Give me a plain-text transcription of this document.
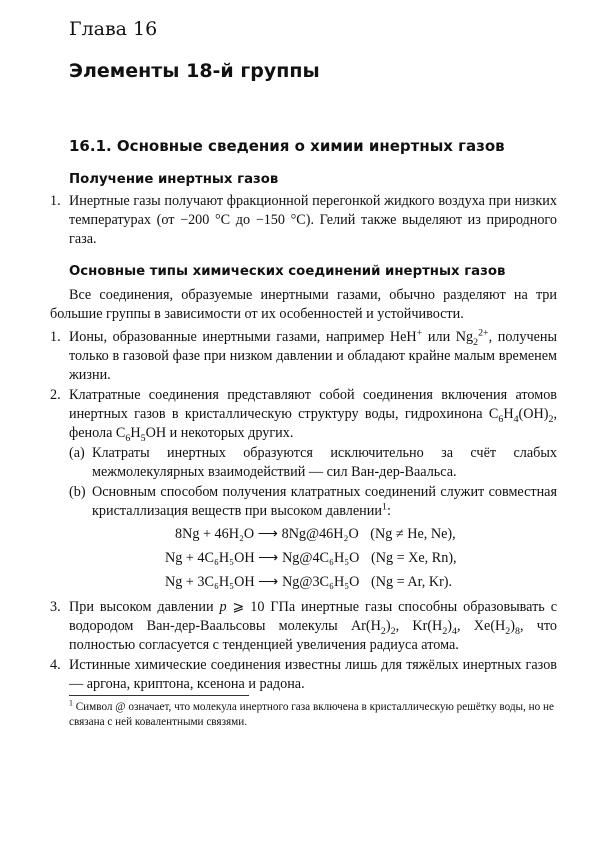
Глава 16
Элементы 18-й группы
16.1. Основные сведения о химии инертных газов
Получение инертных газов
1. Инертные газы получают фракционной перегонкой жидкого воздуха при низких температурах (от −200 °C до −150 °C). Гелий также выделяют из природного газа.
Основные типы химических соединений инертных газов
Все соединения, образуемые инертными газами, обычно разделяют на три большие группы в зависимости от их особенностей и устойчивости.
1. Ионы, образованные инертными газами, например HeH+ или $Ng_2^{2+}$, получены только в газовой фазе при низком давлении и обладают крайне малым временем жизни.
2. Клатратные соединения представляют собой соединения включения атомов инертных газов в кристаллическую структуру воды, гидрохинона $C_6H_4(OH)_2$, фенола $C_6H_5OH$ и некоторых других.
(a) Клатраты инертных образуются исключительно за счёт слабых межмолекулярных взаимодействий — сил Ван-дер-Ваальса.
(b) Основным способом получения клатратных соединений служит совместная кристаллизация веществ при высоком давлении$^1$:
8Ng + 46H₂O ⟶ 8Ng@46H₂O (Ng ≠ He, Ne),
Ng + 4C₆H₅OH ⟶ Ng@4C₆H₅O (Ng = Xe, Rn),
Ng + 3C₆H₅OH ⟶ Ng@3C₆H₅O (Ng = Ar, Kr).
3. При высоком давлении p ⩾ 10 ГПа инертные газы способны образовывать с водородом Ван-дер-Ваальсовы молекулы $Ar(H_2)_2$, $Kr(H_2)_4$, $Xe(H_2)_8$, что полностью согласуется с тенденцией увеличения радиуса атома.
4. Истинные химические соединения известны лишь для тяжёлых инертных газов — аргона, криптона, ксенона и радона.
$^1$ Символ @ означает, что молекула инертного газа включена в кристаллическую решётку воды, но не связана с ней ковалентными связями.
